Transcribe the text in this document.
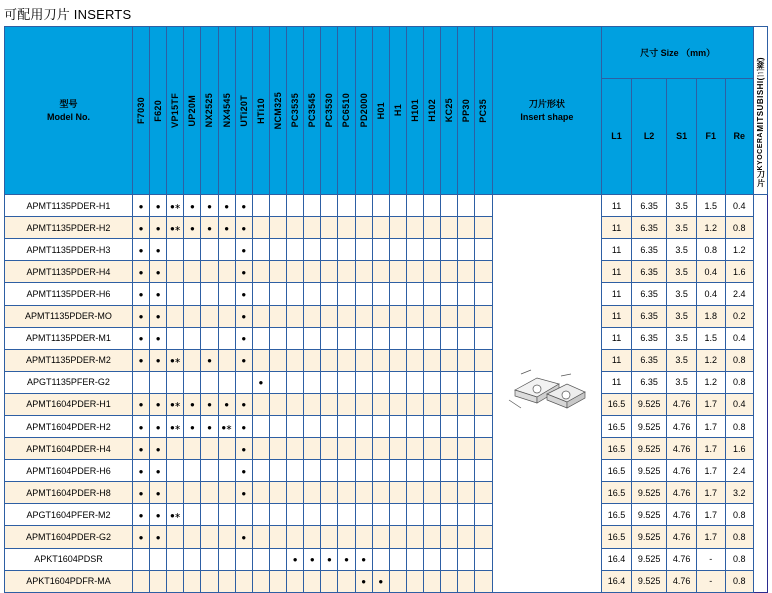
可配用刀片 INSERTS
型号
Model No.	F7030	F620	VP15TF	UP20M	NX2525	NX4545	UTi20T	HTi10	NCM325	PC3535	PC3545	PC3530	PC6510	PD2000	H01	H1	H101	H102	KC25	PP30	PC35	刀片形状
Insert shape
	尺寸 Size （mm）	
MITSUBISHI(三菱)
KYOCERA
刀片

																							L1	L2	S1	F1	Re	
APMT1135PDER-H1	●	●	●∗	●	●	●	●																11	6.35	3.5	1.5	0.4	
APMT1135PDER-H2	●	●	●∗	●	●	●	●																11	6.35	3.5	1.2	0.8	
APMT1135PDER-H3	●	●					●																11	6.35	3.5	0.8	1.2	
APMT1135PDER-H4	●	●					●																11	6.35	3.5	0.4	1.6	
APMT1135PDER-H6	●	●					●																11	6.35	3.5	0.4	2.4	
APMT1135PDER-MO	●	●					●																11	6.35	3.5	1.8	0.2	
APMT1135PDER-M1	●	●					●																11	6.35	3.5	1.5	0.4	
APMT1135PDER-M2	●	●	●∗		●		●																11	6.35	3.5	1.2	0.8	
APGT1135PFER-G2								●															11	6.35	3.5	1.2	0.8	
APMT1604PDER-H1	●	●	●∗	●	●	●	●																16.5	9.525	4.76	1.7	0.4	
APMT1604PDER-H2	●	●	●∗	●	●	●∗	●																16.5	9.525	4.76	1.7	0.8	
APMT1604PDER-H4	●	●					●																16.5	9.525	4.76	1.7	1.6	
APMT1604PDER-H6	●	●					●																16.5	9.525	4.76	1.7	2.4	
APMT1604PDER-H8	●	●					●																16.5	9.525	4.76	1.7	3.2	
APGT1604PFER-M2	●	●	●∗																				16.5	9.525	4.76	1.7	0.8	
APMT1604PDER-G2	●	●					●																16.5	9.525	4.76	1.7	0.8	
APKT1604PDSR										●	●	●	●	●									16.4	9.525	4.76	-	0.8	
APKT1604PDFR-MA														●	●								16.4	9.525	4.76	-	0.8	
